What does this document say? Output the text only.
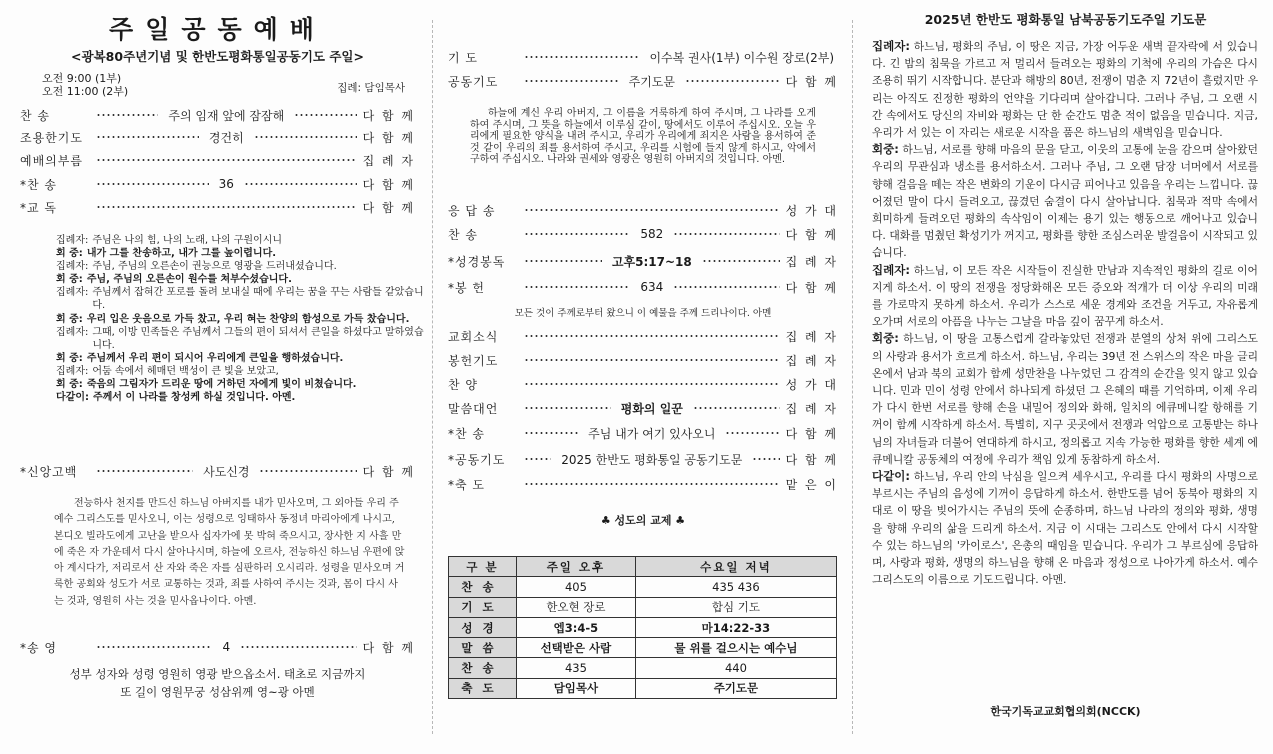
주일공동예배
<광복80주년기념 및 한반도평화통일공동기도 주일>
오전 9:00 (1부)
오전 11:00 (2부)	집례: 담임목사
찬 송	주의 임재 앞에 잠잠해	다 함 께
조용한기도	경건히	다 함 께
예배의부름	집 례 자
*찬 송	36	다 함 께
*교 독	다 함 께
집례자: 주님은 나의 힘, 나의 노래, 나의 구원이시니
회 중: 내가 그를 찬송하고, 내가 그를 높이렵니다.
집례자: 주님, 주님의 오른손이 권능으로 영광을 드러내셨습니다.
회 중: 주님, 주님의 오른손이 원수를 쳐부수셨습니다.
집례자: 주님께서 잡혀간 포로를 돌려 보내실 때에 우리는 꿈을 꾸는 사람들 같았습니다.
회 중: 우리 입은 웃음으로 가득 찼고, 우리 혀는 찬양의 함성으로 가득 찼습니다.
집례자: 그때, 이방 민족들은 주님께서 그들의 편이 되셔서 큰일을 하셨다고 말하였습니다.
회 중: 주님께서 우리 편이 되시어 우리에게 큰일을 행하셨습니다.
집례자: 어둠 속에서 헤매던 백성이 큰 빛을 보았고,
회 중: 죽음의 그림자가 드리운 땅에 거하던 자에게 빛이 비쳤습니다.
다같이: 주께서 이 나라를 창성케 하실 것입니다. 아멘.
*신앙고백	사도신경	다 함 께
전능하사 천지를 만드신 하느님 아버지를 내가 믿사오며, 그 외아들 우리 주 예수 그리스도를 믿사오니, 이는 성령으로 잉태하사 동정녀 마리아에게 나시고, 본디오 빌라도에게 고난을 받으사 십자가에 못 박혀 죽으시고, 장사한 지 사흘 만에 죽은 자 가운데서 다시 살아나시며, 하늘에 오르사, 전능하신 하느님 우편에 앉아 계시다가, 저리로서 산 자와 죽은 자를 심판하러 오시리라. 성령을 믿사오며 거룩한 공회와 성도가 서로 교통하는 것과, 죄를 사하여 주시는 것과, 몸이 다시 사는 것과, 영원히 사는 것을 믿사옵나이다. 아멘.
*송 영	4	다 함 께
성부 성자와 성령 영원히 영광 받으옵소서. 태초로 지금까지
또 길이 영원무궁 성삼위께 영~광 아멘
기 도	이수복 권사(1부) 이수원 장로(2부)
공동기도	주기도문	다 함 께
하늘에 계신 우리 아버지, 그 이름을 거룩하게 하여 주시며, 그 나라를 오게 하여 주시며, 그 뜻을 하늘에서 이루심 같이, 땅에서도 이루어 주십시오. 오늘 우리에게 필요한 양식을 내려 주시고, 우리가 우리에게 죄지은 사람을 용서하여 준 것 같이 우리의 죄를 용서하여 주시고, 우리를 시험에 들지 않게 하시고, 악에서 구하여 주십시오. 나라와 권세와 영광은 영원히 아버지의 것입니다. 아멘.
응 답 송	성 가 대
찬 송	582	다 함 께
*성경봉독	고후5:17~18	집 례 자
*봉 헌	634	다 함 께
모든 것이 주께로부터 왔으니 이 예물을 주께 드리나이다. 아멘
교회소식	집 례 자
봉헌기도	집 례 자
찬 양	성 가 대
말씀대언	평화의 일꾼	집 례 자
*찬 송	주님 내가 여기 있사오니	다 함 께
*공동기도	2025 한반도 평화통일 공동기도문	다 함 께
*축 도	맡 은 이
♣ 성도의 교제 ♣
구 분	주일 오후	수요일 저녁
찬송	405	435 436
기도	한오현 장로	합심 기도
성경	엡3:4-5	마14:22-33
말씀	선택받은 사람	물 위를 걸으시는 예수님
찬송	435	440
축도	담임목사	주기도문
2025년 한반도 평화통일 남북공동기도주일 기도문

집례자: 하느님, 평화의 주님, 이 땅은 지금, 가장 어두운 새벽 끝자락에 서 있습니다. 긴 밤의 침묵을 가르고 저 멀리서 들려오는 평화의 기척에 우리의 가슴은 다시 조용히 뛰기 시작합니다. 분단과 해방의 80년, 전쟁이 멈춘 지 72년이 흘렀지만 우리는 아직도 진정한 평화의 언약을 기다리며 살아갑니다. 그러나 주님, 그 오랜 시간 속에서도 당신의 자비와 평화는 단 한 순간도 멈춘 적이 없음을 믿습니다. 지금, 우리가 서 있는 이 자리는 새로운 시작을 품은 하느님의 새벽임을 믿습니다.

회중: 하느님, 서로를 향해 마음의 문을 닫고, 이웃의 고통에 눈을 감으며 살아왔던 우리의 무관심과 냉소를 용서하소서. 그러나 주님, 그 오랜 담장 너머에서 서로를 향해 걸음을 떼는 작은 변화의 기운이 다시금 피어나고 있음을 우리는 느낍니다. 끊어졌던 말이 다시 들려오고, 끊겼던 숨결이 다시 살아납니다. 침묵과 적막 속에서 희미하게 들려오던 평화의 속삭임이 이제는 용기 있는 행동으로 깨어나고 있습니다. 대화를 멈췄던 확성기가 꺼지고, 평화를 향한 조심스러운 발걸음이 시작되고 있습니다.

집례자: 하느님, 이 모든 작은 시작들이 진실한 만남과 지속적인 평화의 길로 이어지게 하소서. 이 땅의 전쟁을 정당화해온 모든 증오와 적개가 더 이상 우리의 미래를 가로막지 못하게 하소서. 우리가 스스로 세운 경계와 조건을 거두고, 자유롭게 오가며 서로의 아픔을 나누는 그날을 마음 깊이 꿈꾸게 하소서.

회중: 하느님, 이 땅을 고통스럽게 갈라놓았던 전쟁과 분열의 상처 위에 그리스도의 사랑과 용서가 흐르게 하소서. 하느님, 우리는 39년 전 스위스의 작은 마을 글리온에서 남과 북의 교회가 함께 성만찬을 나누었던 그 감격의 순간을 잊지 않고 있습니다. 민과 민이 성령 안에서 하나되게 하셨던 그 은혜의 때를 기억하며, 이제 우리가 다시 한번 서로를 향해 손을 내밀어 정의와 화해, 일치의 에큐메니칼 항해를 기꺼이 함께 시작하게 하소서. 특별히, 지구 곳곳에서 전쟁과 억압으로 고통받는 하나님의 자녀들과 더불어 연대하게 하시고, 정의롭고 지속 가능한 평화를 향한 세계 에큐메니칼 공동체의 여정에 우리가 책임 있게 동참하게 하소서.

다같이: 하느님, 우리 안의 낙심을 일으켜 세우시고, 우리를 다시 평화의 사명으로 부르시는 주님의 음성에 기꺼이 응답하게 하소서. 한반도를 넘어 동북아 평화의 지대로 이 땅을 빚어가시는 주님의 뜻에 순종하며, 하느님 나라의 정의와 평화, 생명을 향해 우리의 삶을 드리게 하소서. 지금 이 시대는 그리스도 안에서 다시 시작할 수 있는 하느님의 '카이로스', 은총의 때임을 믿습니다. 우리가 그 부르심에 응답하며, 사랑과 평화, 생명의 하느님을 향해 온 마음과 정성으로 나아가게 하소서. 예수 그리스도의 이름으로 기도드립니다. 아멘.

한국기독교교회협의회(NCCK)
